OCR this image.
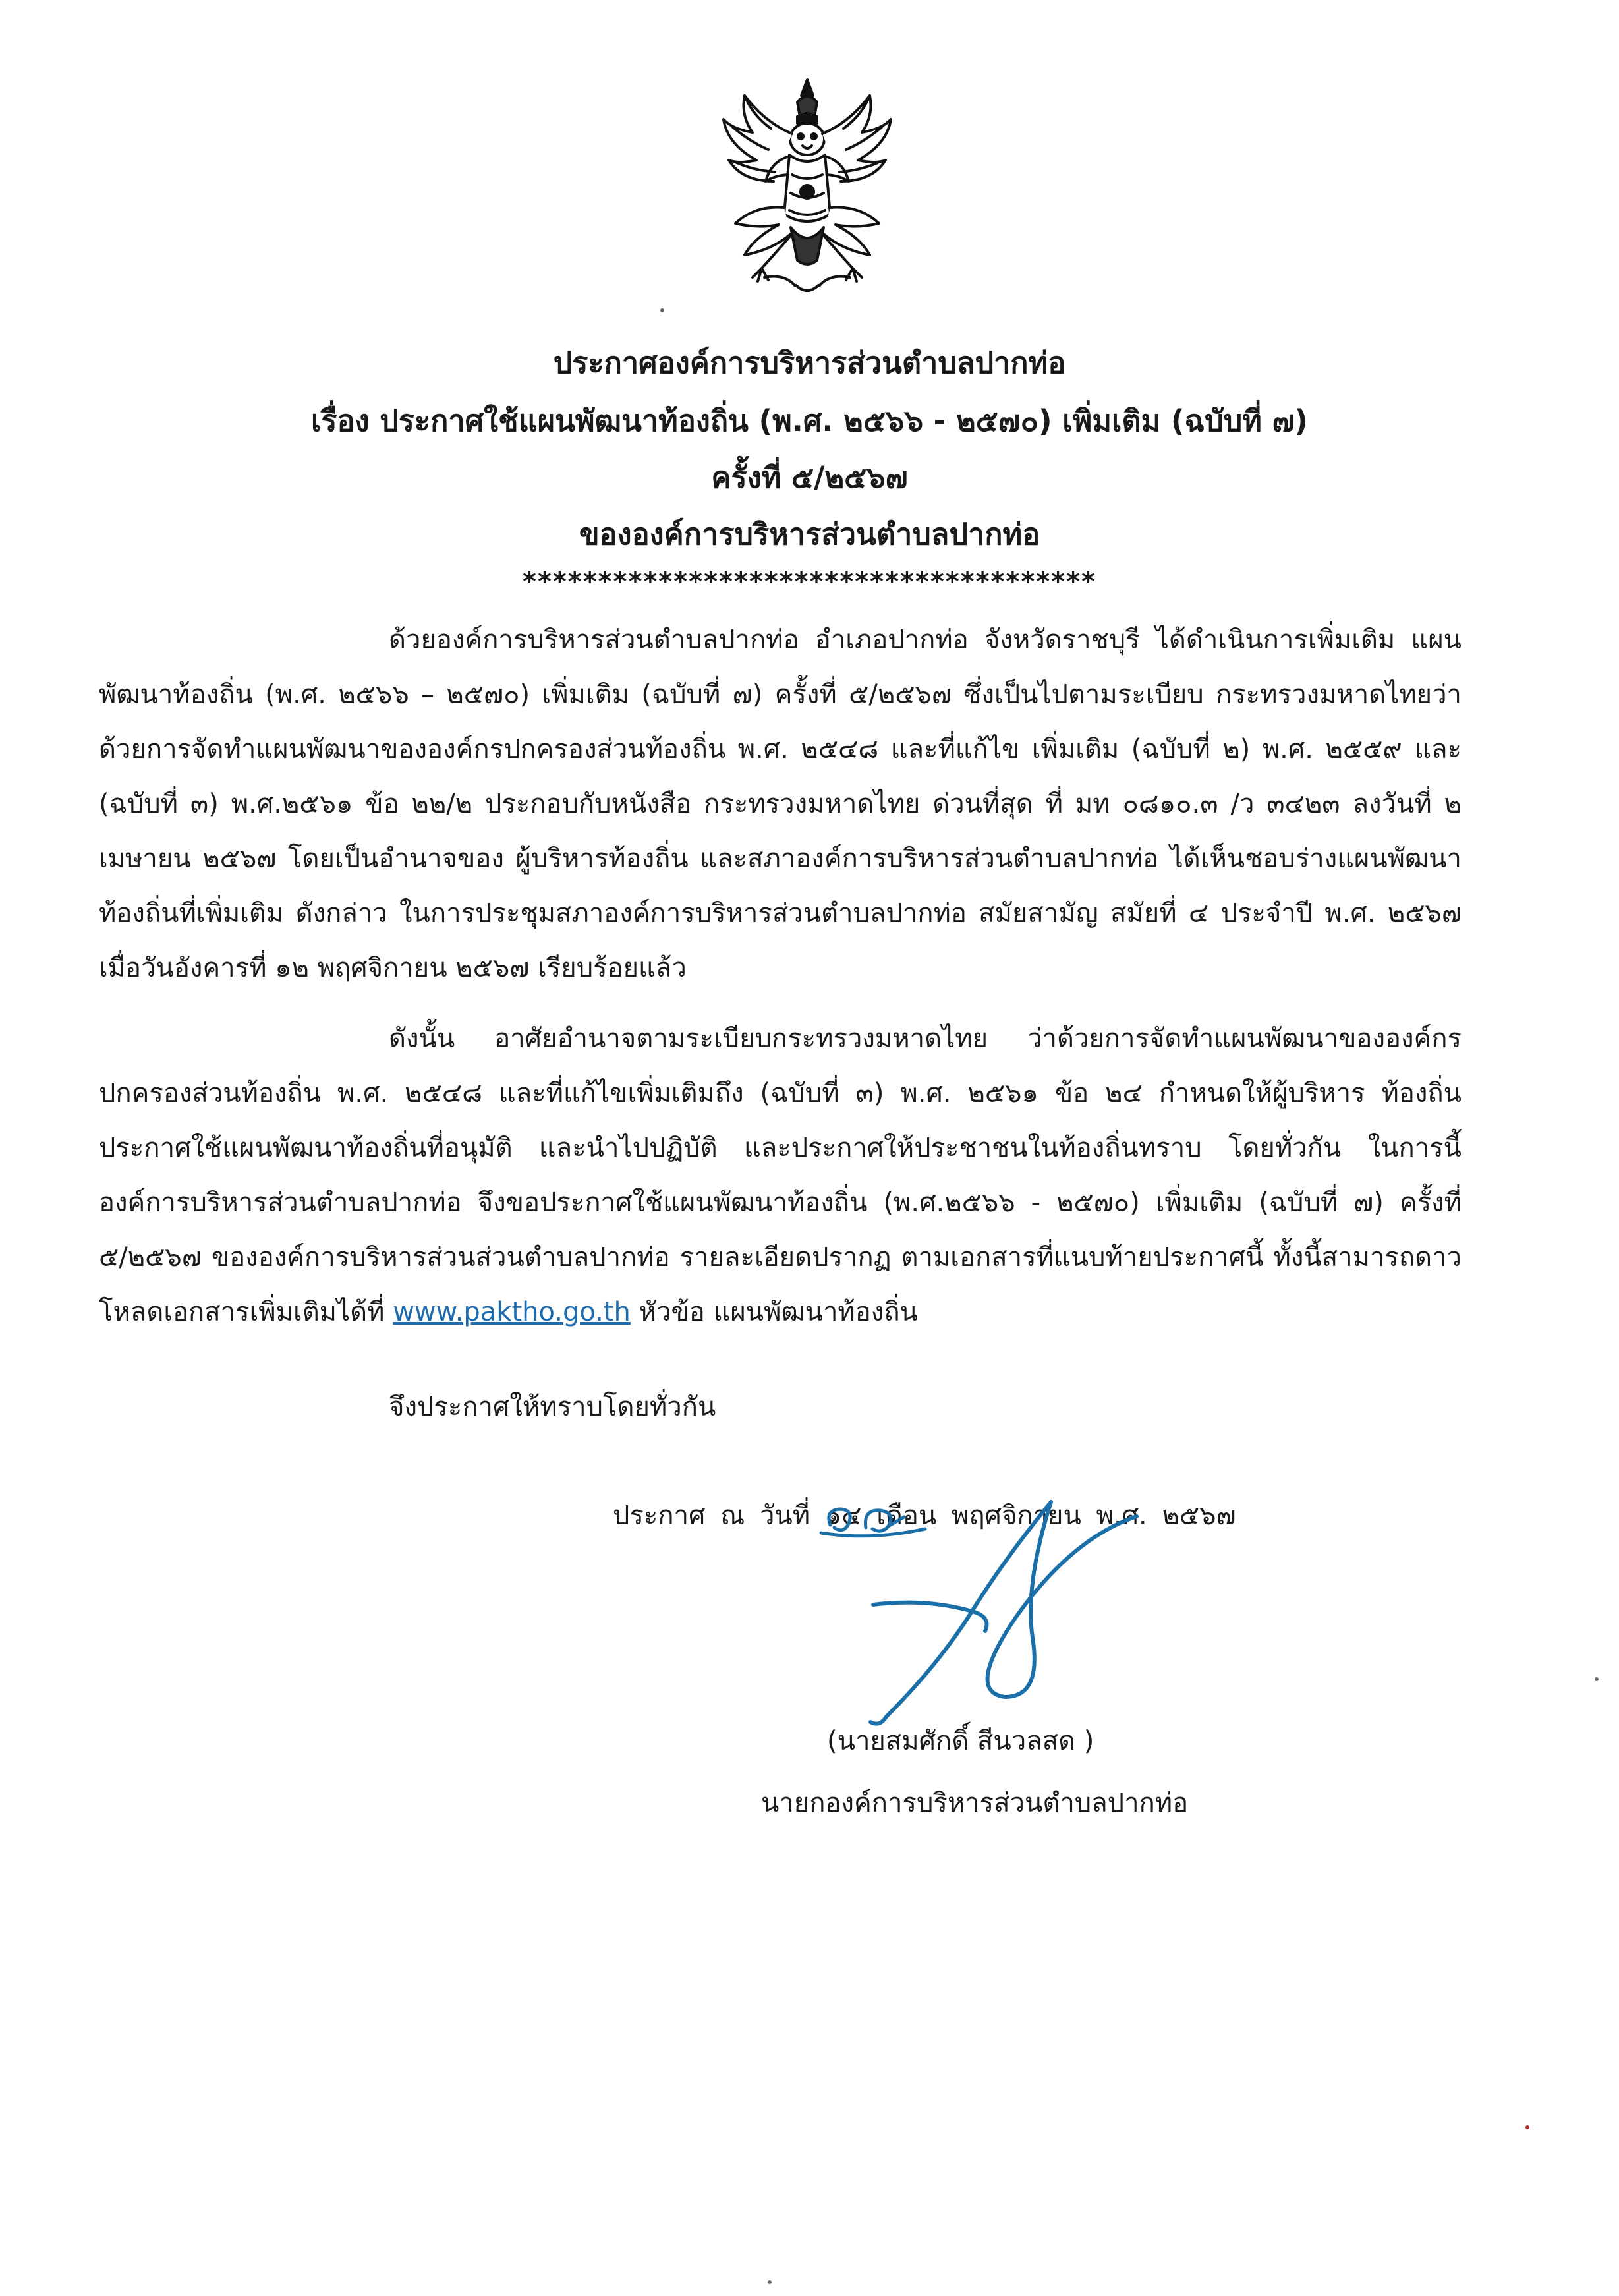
ประกาศองค์การบริหารส่วนตำบลปากท่อ
เรื่อง ประกาศใช้แผนพัฒนาท้องถิ่น (พ.ศ. ๒๕๖๖ - ๒๕๗๐) เพิ่มเติม (ฉบับที่ ๗)
ครั้งที่ ๕/๒๕๖๗
ขององค์การบริหารส่วนตำบลปากท่อ
**************************************
ด้วยองค์การบริหารส่วนตำบลปากท่อ อำเภอปากท่อ จังหวัดราชบุรี ได้ดำเนินการเพิ่มเติม แผนพัฒนาท้องถิ่น (พ.ศ. ๒๕๖๖ – ๒๕๗๐) เพิ่มเติม (ฉบับที่ ๗) ครั้งที่ ๕/๒๕๖๗ ซึ่งเป็นไปตามระเบียบ กระทรวงมหาดไทยว่าด้วยการจัดทำแผนพัฒนาขององค์กรปกครองส่วนท้องถิ่น พ.ศ. ๒๕๔๘ และที่แก้ไข เพิ่มเติม (ฉบับที่ ๒) พ.ศ. ๒๕๕๙ และ (ฉบับที่ ๓) พ.ศ.๒๕๖๑ ข้อ ๒๒/๒ ประกอบกับหนังสือ กระทรวงมหาดไทย ด่วนที่สุด ที่ มท ๐๘๑๐.๓ /ว ๓๔๒๓ ลงวันที่ ๒ เมษายน ๒๕๖๗ โดยเป็นอำนาจของ ผู้บริหารท้องถิ่น และสภาองค์การบริหารส่วนตำบลปากท่อ ได้เห็นชอบร่างแผนพัฒนาท้องถิ่นที่เพิ่มเติม ดังกล่าว ในการประชุมสภาองค์การบริหารส่วนตำบลปากท่อ สมัยสามัญ สมัยที่ ๔ ประจำปี พ.ศ. ๒๕๖๗ เมื่อวันอังคารที่ ๑๒ พฤศจิกายน ๒๕๖๗ เรียบร้อยแล้ว
ดังนั้น อาศัยอำนาจตามระเบียบกระทรวงมหาดไทย ว่าด้วยการจัดทำแผนพัฒนาขององค์กร ปกครองส่วนท้องถิ่น พ.ศ. ๒๕๔๘ และที่แก้ไขเพิ่มเติมถึง (ฉบับที่ ๓) พ.ศ. ๒๕๖๑ ข้อ ๒๔ กำหนดให้ผู้บริหาร ท้องถิ่นประกาศใช้แผนพัฒนาท้องถิ่นที่อนุมัติ และนำไปปฏิบัติ และประกาศให้ประชาชนในท้องถิ่นทราบ โดยทั่วกัน ในการนี้ องค์การบริหารส่วนตำบลปากท่อ จึงขอประกาศใช้แผนพัฒนาท้องถิ่น (พ.ศ.๒๕๖๖ - ๒๕๗๐) เพิ่มเติม (ฉบับที่ ๗) ครั้งที่ ๕/๒๕๖๗ ขององค์การบริหารส่วนส่วนตำบลปากท่อ รายละเอียดปรากฏ ตามเอกสารที่แนบท้ายประกาศนี้ ทั้งนี้สามารถดาวโหลดเอกสารเพิ่มเติมได้ที่ www.paktho.go.th หัวข้อ แผนพัฒนาท้องถิ่น
จึงประกาศให้ทราบโดยทั่วกัน
ประกาศ ณ วันที่ ๑๔ เดือน พฤศจิกายน พ.ศ. ๒๕๖๗
(นายสมศักดิ์ สีนวลสด )
นายกองค์การบริหารส่วนตำบลปากท่อ
